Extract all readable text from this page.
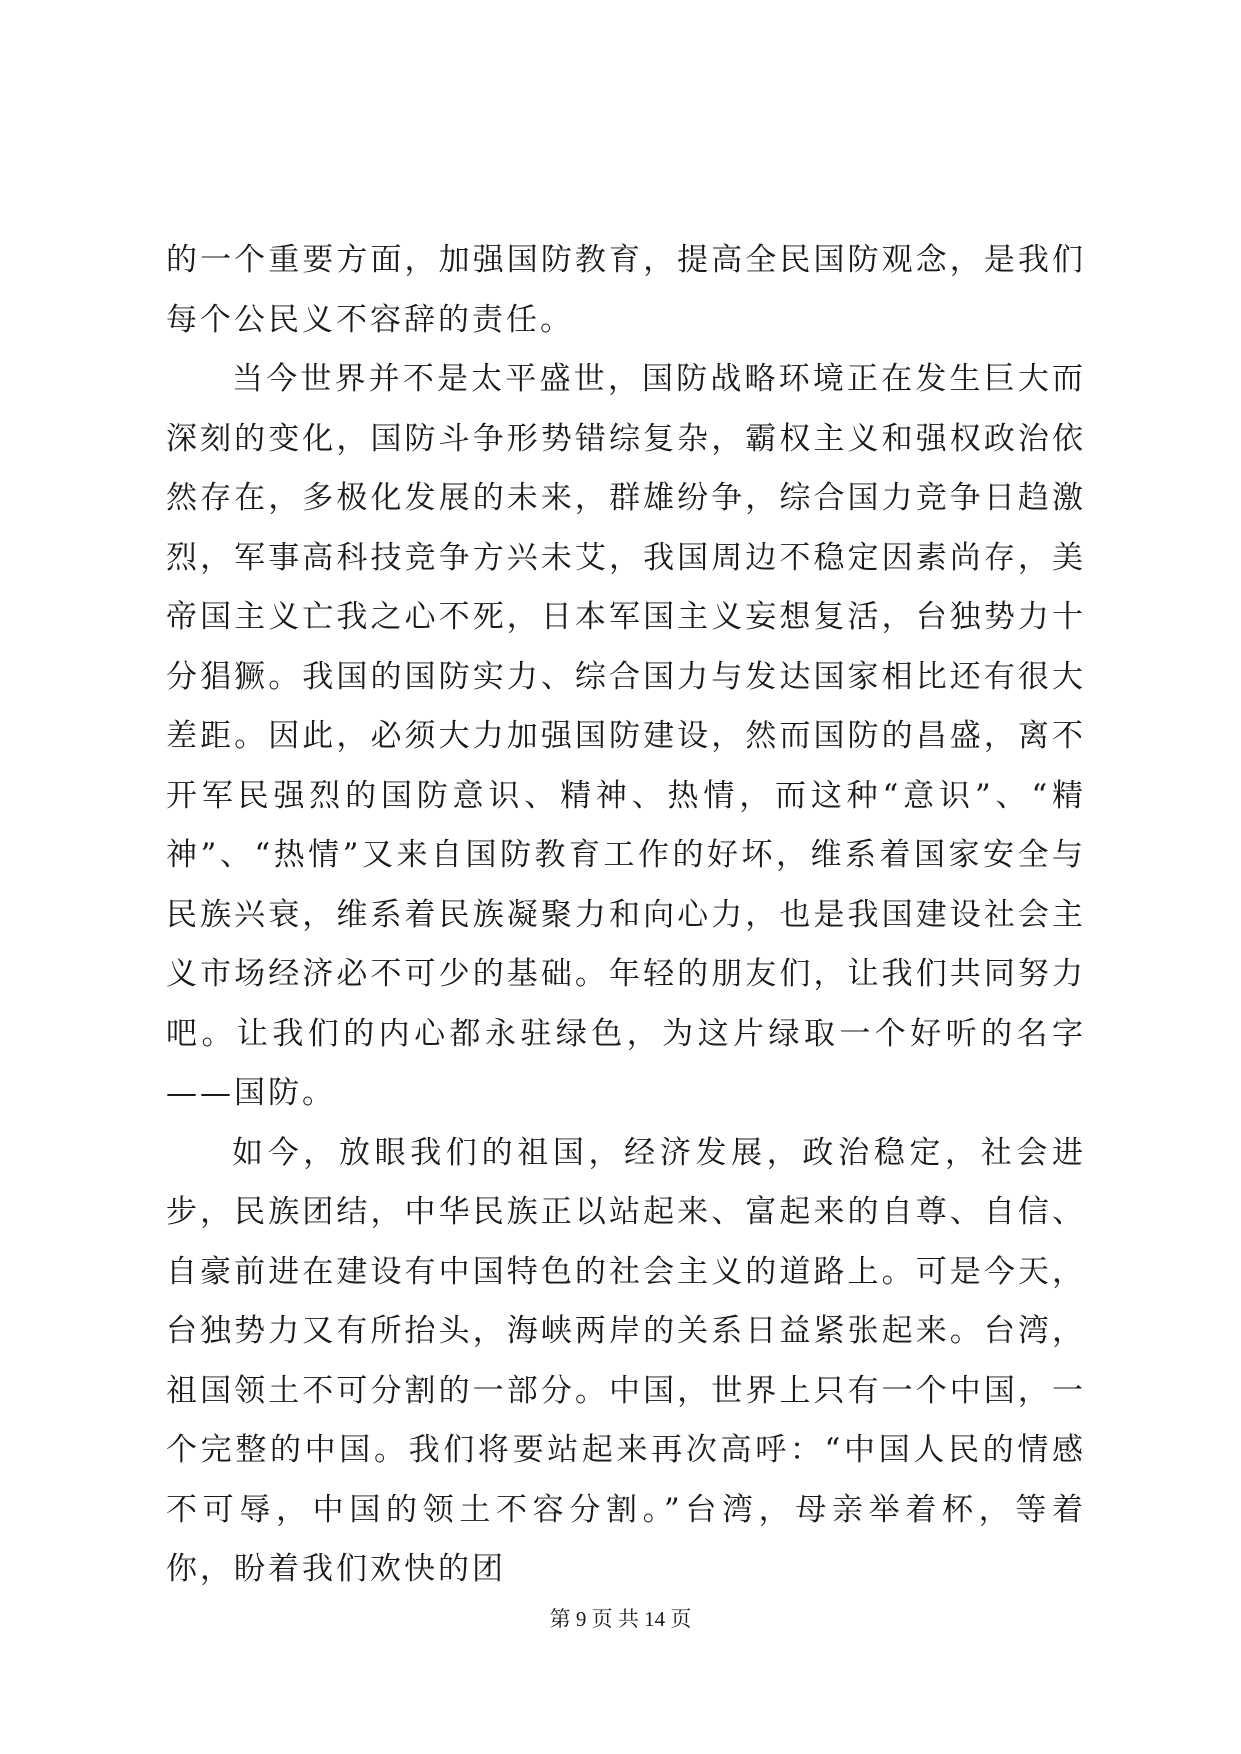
的一个重要方面，加强国防教育，提高全民国防观念，是我们每个公民义不容辞的责任。

当今世界并不是太平盛世，国防战略环境正在发生巨大而深刻的变化，国防斗争形势错综复杂，霸权主义和强权政治依然存在，多极化发展的未来，群雄纷争，综合国力竞争日趋激烈，军事高科技竞争方兴未艾，我国周边不稳定因素尚存，美帝国主义亡我之心不死，日本军国主义妄想复活，台独势力十分猖獗。我国的国防实力、综合国力与发达国家相比还有很大差距。因此，必须大力加强国防建设，然而国防的昌盛，离不开军民强烈的国防意识、精神、热情，而这种“意识”、“精神”、“热情”又来自国防教育工作的好坏，维系着国家安全与民族兴衰，维系着民族凝聚力和向心力，也是我国建设社会主义市场经济必不可少的基础。年轻的朋友们，让我们共同努力吧。让我们的内心都永驻绿色，为这片绿取一个好听的名字——国防。

如今，放眼我们的祖国，经济发展，政治稳定，社会进步，民族团结，中华民族正以站起来、富起来的自尊、自信、自豪前进在建设有中国特色的社会主义的道路上。可是今天，台独势力又有所抬头，海峡两岸的关系日益紧张起来。台湾，祖国领土不可分割的一部分。中国，世界上只有一个中国，一个完整的中国。我们将要站起来再次高呼：“中国人民的情感不可辱，中国的领土不容分割。”台湾，母亲举着杯，等着你，盼着我们欢快的团

第 9 页 共 14 页
